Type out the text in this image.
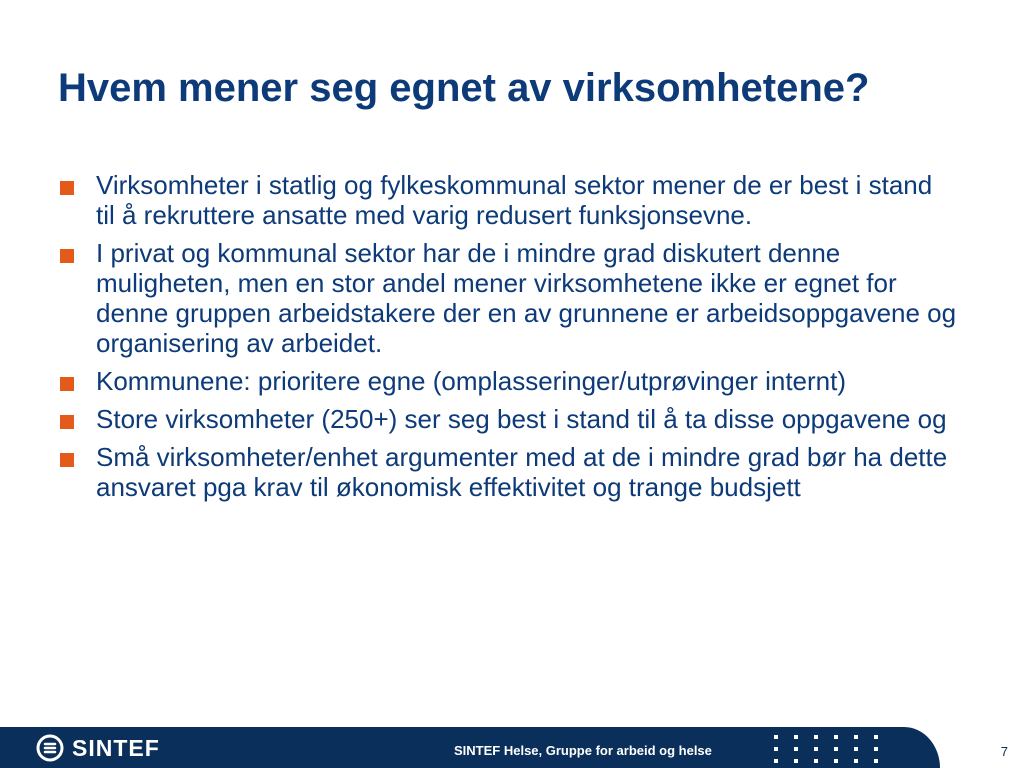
Hvem mener seg egnet av virksomhetene?
Virksomheter i statlig og fylkeskommunal sektor mener de er best i stand til å rekruttere ansatte med varig redusert funksjonsevne.
I privat og kommunal sektor har de i mindre grad diskutert denne muligheten, men en stor andel mener virksomhetene ikke er egnet for denne gruppen arbeidstakere der en av grunnene er arbeidsoppgavene og organisering av arbeidet.
Kommunene: prioritere egne (omplasseringer/utprøvinger internt)
Store virksomheter (250+) ser seg best i stand til å ta disse oppgavene og
Små virksomheter/enhet argumenter med at de i mindre grad bør ha dette ansvaret pga krav til økonomisk effektivitet og trange budsjett
SINTEF	SINTEF Helse, Gruppe for arbeid og helse	7
